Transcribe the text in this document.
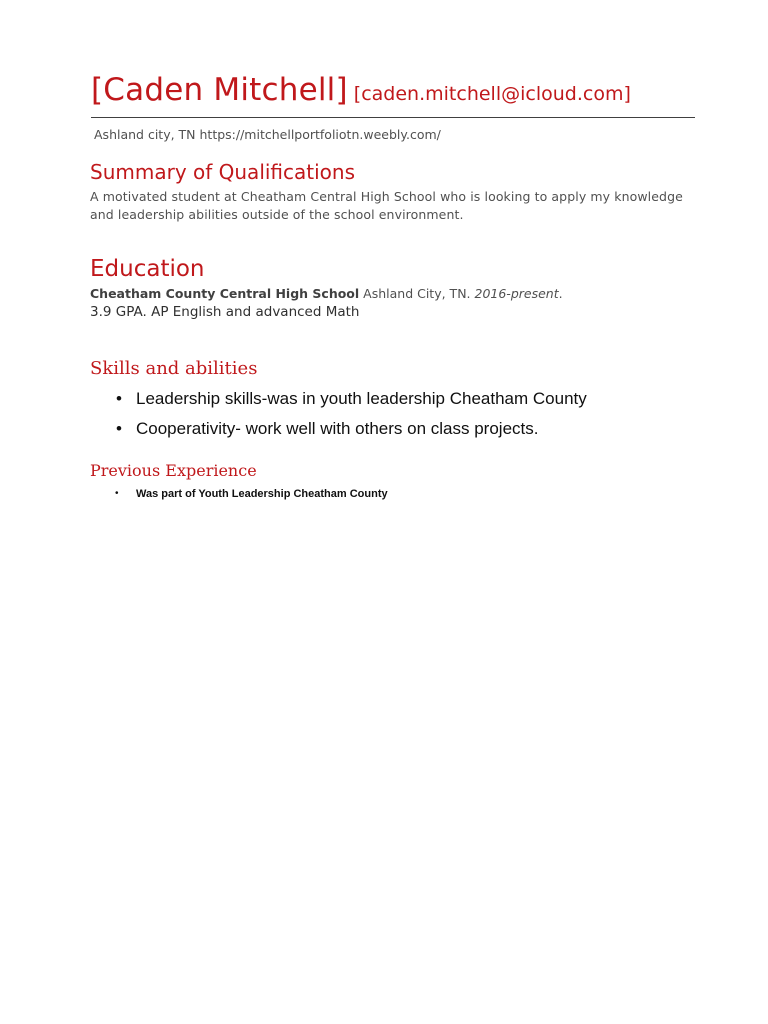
[Caden Mitchell] [caden.mitchell@icloud.com]
Ashland city, TN https://mitchellportfoliotn.weebly.com/
Summary of Qualifications
A motivated student at Cheatham Central High School who is looking to apply my knowledge and leadership abilities outside of the school environment.
Education
Cheatham County Central High School Ashland City, TN. 2016-present.
3.9 GPA. AP English and advanced Math
Skills and abilities
• Leadership skills-was in youth leadership Cheatham County
• Cooperativity- work well with others on class projects.
Previous Experience
• Was part of Youth Leadership Cheatham County
